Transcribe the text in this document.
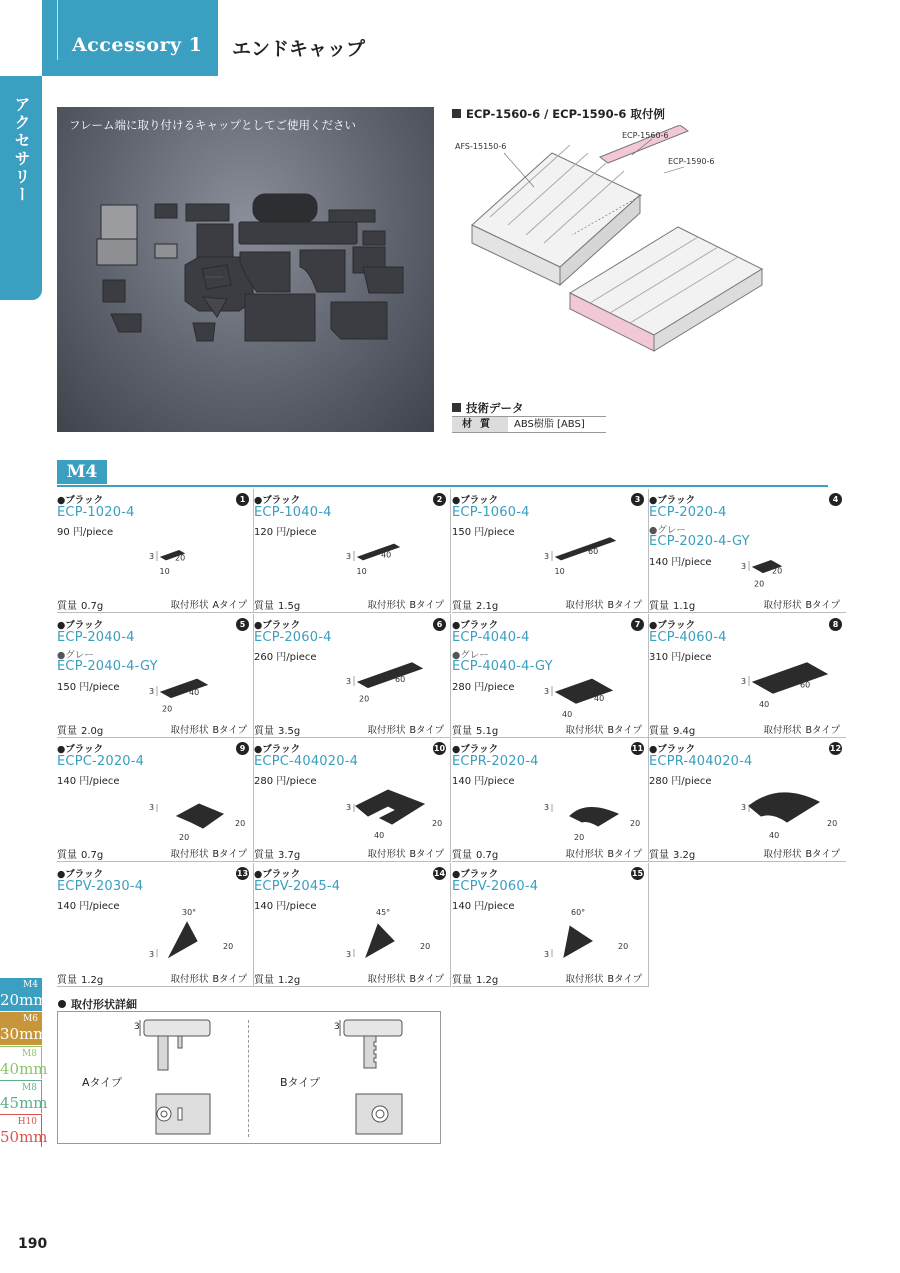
Accessory 1 エンドキャップ
アクセサリー	フレーム端に取り付けるキャップとしてご使用ください
ECP-1560-6 / ECP-1590-6 取付例
AFS-15150-6
ECP-1560-6
ECP-1590-6
技術データ
材質	ABS樹脂 [ABS]
M4
●ブラック
ECP-1020-4
90 円/piece
1
質量 0.7g	取付形状 Aタイプ
10
20
3
●ブラック
ECP-1040-4
120 円/piece
2
質量 1.5g	取付形状 Bタイプ
10
40
3
●ブラック
ECP-1060-4
150 円/piece
3
質量 2.1g	取付形状 Bタイプ
10
60
3
●ブラック
ECP-2020-4
●グレー
ECP-2020-4-GY
140 円/piece
4
質量 1.1g	取付形状 Bタイプ
20
20
3
●ブラック
ECP-2040-4
●グレー
ECP-2040-4-GY
150 円/piece
5
質量 2.0g	取付形状 Bタイプ
20
40
3
●ブラック
ECP-2060-4
260 円/piece
6
質量 3.5g	取付形状 Bタイプ
20
60
3
●ブラック
ECP-4040-4
●グレー
ECP-4040-4-GY
280 円/piece
7
質量 5.1g	取付形状 Bタイプ
40
40
3
●ブラック
ECP-4060-4
310 円/piece
8
質量 9.4g	取付形状 Bタイプ
40
60
3
●ブラック
ECPC-2020-4
140 円/piece
9
質量 0.7g	取付形状 Bタイプ
20
20
3
●ブラック
ECPC-404020-4
280 円/piece
10
質量 3.7g	取付形状 Bタイプ
40
20
3
●ブラック
ECPR-2020-4
140 円/piece
11
質量 0.7g	取付形状 Bタイプ
20
20
3
●ブラック
ECPR-404020-4
280 円/piece
12
質量 3.2g	取付形状 Bタイプ
40
20
3
●ブラック
ECPV-2030-4
140 円/piece
13
質量 1.2g	取付形状 Bタイプ
30°
20
3
●ブラック
ECPV-2045-4
140 円/piece
14
質量 1.2g	取付形状 Bタイプ
45°
20
3
●ブラック
ECPV-2060-4
140 円/piece
15
質量 1.2g	取付形状 Bタイプ
60°
20
3
M4
20mm
M6
30mm
M8
40mm
M8
45mm
H10
50mm
取付形状詳細
Aタイプ	Bタイプ
3	3
190
